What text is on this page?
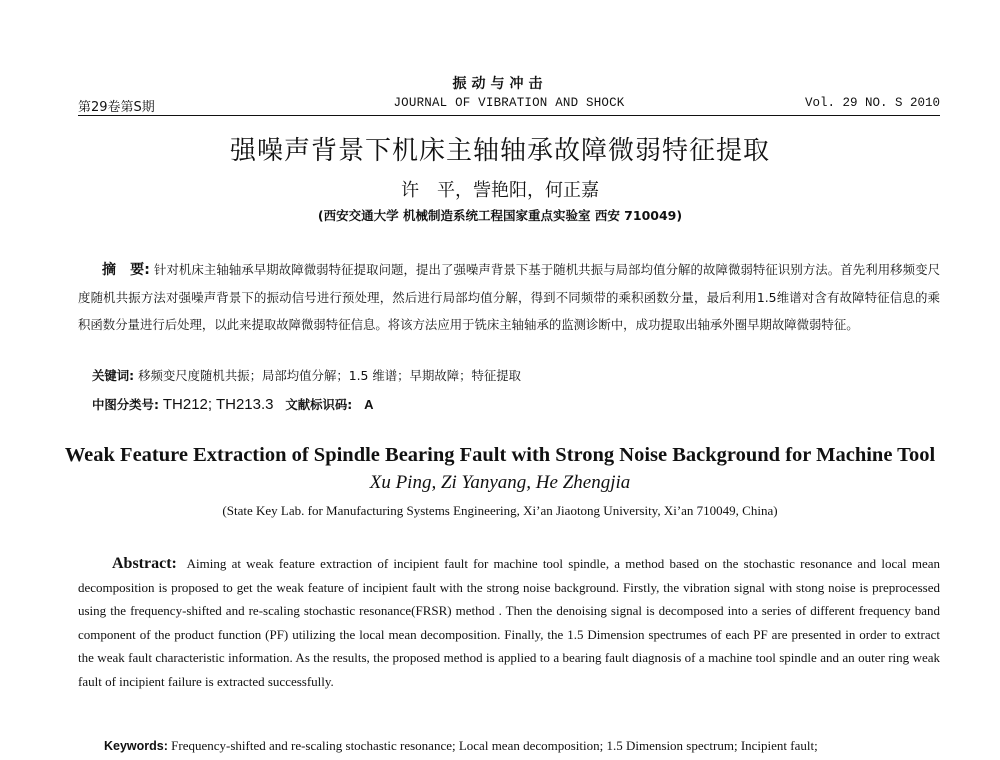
振动与冲击
第29卷第S期	JOURNAL OF VIBRATION AND SHOCK	Vol. 29 NO. S 2010
强噪声背景下机床主轴轴承故障微弱特征提取
许　平，訾艳阳，何正嘉
(西安交通大学 机械制造系统工程国家重点实验室 西安 710049)

摘　要: 针对机床主轴轴承早期故障微弱特征提取问题，提出了强噪声背景下基于随机共振与局部均值分解的故障微弱特征识别方法。首先利用移频变尺度随机共振方法对强噪声背景下的振动信号进行预处理，然后进行局部均值分解，得到不同频带的乘积函数分量，最后利用1.5维谱对含有故障特征信息的乘积函数分量进行后处理，以此来提取故障微弱特征信息。将该方法应用于铣床主轴轴承的监测诊断中，成功提取出轴承外圈早期故障微弱特征。

关键词: 移频变尺度随机共振；局部均值分解；1.5 维谱；早期故障；特征提取
中图分类号: TH212; TH213.3 文献标识码: A
Weak Feature Extraction of Spindle Bearing Fault with Strong Noise Background for Machine Tool
Xu Ping, Zi Yanyang, He Zhengjia
(State Key Lab. for Manufacturing Systems Engineering, Xi’an Jiaotong University, Xi’an 710049, China)

Abstract: Aiming at weak feature extraction of incipient fault for machine tool spindle, a method based on the stochastic resonance and local mean decomposition is proposed to get the weak feature of incipient fault with the strong noise background. Firstly, the vibration signal with stong noise is preprocessed using the frequency-shifted and re-scaling stochastic resonance(FRSR) method . Then the denoising signal is decomposed into a series of different frequency band component of the product function (PF) utilizing the local mean decomposition. Finally, the 1.5 Dimension spectrumes of each PF are presented in order to extract the weak fault characteristic information. As the results, the proposed method is applied to a bearing fault diagnosis of a machine tool spindle and an outer ring weak fault of incipient failure is extracted successfully.

Keywords: Frequency-shifted and re-scaling stochastic resonance; Local mean decomposition; 1.5 Dimension spectrum; Incipient fault;
